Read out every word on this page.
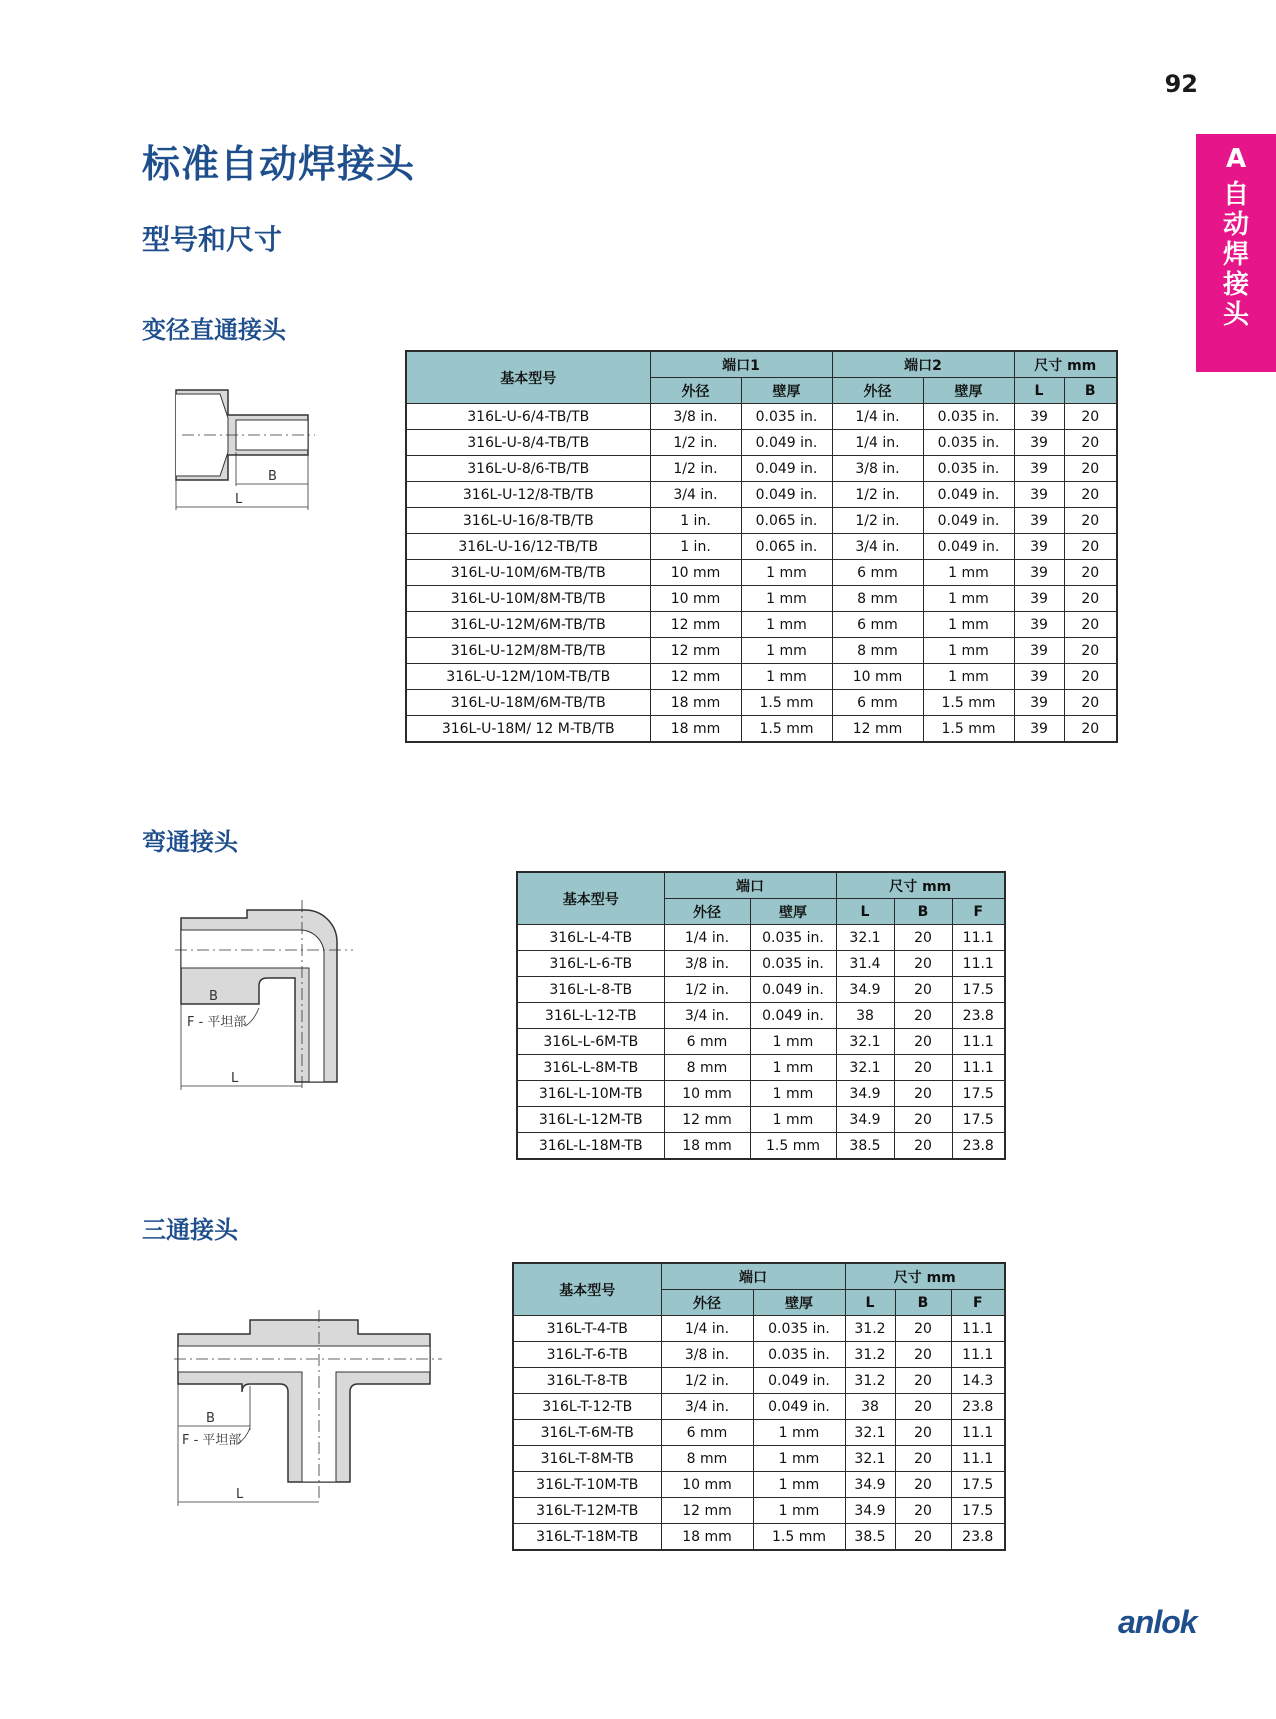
92
A
自动焊接头
标准自动焊接头
型号和尺寸
变径直通接头
B
L
基本型号	端口1		端口2		尺寸 mm	
	外径	壁厚	外径	壁厚	L	B
316L-U-6/4-TB/TB	3/8 in.	0.035 in.	1/4 in.	0.035 in.	39	20
316L-U-8/4-TB/TB	1/2 in.	0.049 in.	1/4 in.	0.035 in.	39	20
316L-U-8/6-TB/TB	1/2 in.	0.049 in.	3/8 in.	0.035 in.	39	20
316L-U-12/8-TB/TB	3/4 in.	0.049 in.	1/2 in.	0.049 in.	39	20
316L-U-16/8-TB/TB	1 in.	0.065 in.	1/2 in.	0.049 in.	39	20
316L-U-16/12-TB/TB	1 in.	0.065 in.	3/4 in.	0.049 in.	39	20
316L-U-10M/6M-TB/TB	10 mm	1 mm	6 mm	1 mm	39	20
316L-U-10M/8M-TB/TB	10 mm	1 mm	8 mm	1 mm	39	20
316L-U-12M/6M-TB/TB	12 mm	1 mm	6 mm	1 mm	39	20
316L-U-12M/8M-TB/TB	12 mm	1 mm	8 mm	1 mm	39	20
316L-U-12M/10M-TB/TB	12 mm	1 mm	10 mm	1 mm	39	20
316L-U-18M/6M-TB/TB	18 mm	1.5 mm	6 mm	1.5 mm	39	20
316L-U-18M/ 12 M-TB/TB	18 mm	1.5 mm	12 mm	1.5 mm	39	20
弯通接头
B
F - 平坦部
L
基本型号	端口		尺寸 mm		
	外径	壁厚	L	B	F
316L-L-4-TB	1/4 in.	0.035 in.	32.1	20	11.1
316L-L-6-TB	3/8 in.	0.035 in.	31.4	20	11.1
316L-L-8-TB	1/2 in.	0.049 in.	34.9	20	17.5
316L-L-12-TB	3/4 in.	0.049 in.	38	20	23.8
316L-L-6M-TB	6 mm	1 mm	32.1	20	11.1
316L-L-8M-TB	8 mm	1 mm	32.1	20	11.1
316L-L-10M-TB	10 mm	1 mm	34.9	20	17.5
316L-L-12M-TB	12 mm	1 mm	34.9	20	17.5
316L-L-18M-TB	18 mm	1.5 mm	38.5	20	23.8
三通接头
B
F - 平坦部
L
基本型号	端口		尺寸 mm		
	外径	壁厚	L	B	F
316L-T-4-TB	1/4 in.	0.035 in.	31.2	20	11.1
316L-T-6-TB	3/8 in.	0.035 in.	31.2	20	11.1
316L-T-8-TB	1/2 in.	0.049 in.	31.2	20	14.3
316L-T-12-TB	3/4 in.	0.049 in.	38	20	23.8
316L-T-6M-TB	6 mm	1 mm	32.1	20	11.1
316L-T-8M-TB	8 mm	1 mm	32.1	20	11.1
316L-T-10M-TB	10 mm	1 mm	34.9	20	17.5
316L-T-12M-TB	12 mm	1 mm	34.9	20	17.5
316L-T-18M-TB	18 mm	1.5 mm	38.5	20	23.8
anlok
